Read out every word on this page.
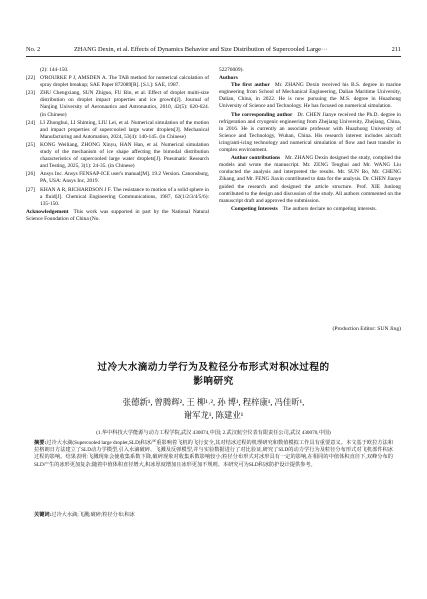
No. 2	ZHANG Dexin, et al. Effects of Dynamics Behavior and Size Distribution of Supercooled Large···	211
(2): 144-150.
[22] O'ROURKE P J, AMSDEN A. The TAB method for numerical calculation of spray droplet breakup; SAE Paper 872089[R]. [S.l.]: SAE, 1987.
[23] ZHU Chengxiang, SUN Zhiguo, FU Bin, et al. Effect of droplet multi-size distribution on droplet impact properties and ice growth[J]. Journal of Nanjing University of Aeronautics and Astronautics, 2010, 42(5): 620-624. (in Chinese)
[24] LI Zhonghui, LI Shiming, LIU Lei, et al. Numerical simulation of the motion and impact properties of supercooled large water droplets[J]. Mechanical Manufacturing and Automation, 2024, 53(4): 140-145. (in Chinese)
[25] KONG Weiliang, ZHONG Xinyu, HAN Han, et al. Numerical simulation study of the mechanism of ice shape affecting the bimodal distribution characteristics of supercooled large water droplets[J]. Pneumatic Research and Testing, 2025, 3(1): 24-35. (in Chinese)
[26] Ansys Inc. Ansys FENSAP-ICE user's manual[M]. 19.2 Version. Canonsburg, PA, USA: Ansys Inc, 2019.
[27] KHAN A R, RICHARDSON J F. The resistance to motion of a solid sphere in a fluid[J]. Chemical Engineering Communications, 1987, 62(1/2/3/4/5/6): 135-150.
Acknowledgement This work was supported in part by the National Natural Science Foundation of China (No.
52276009).
Authors
The first author Mr. ZHANG Dexin received his B.S. degree in marine engineering from School of Mechanical Engineering, Dalian Maritime University, Dalian, China, in 2022. He is now pursuing the M.S. degree in Huazhong University of Science and Technology. He has focused on numerical simulation.
The corresponding author Dr. CHEN Jianye received the Ph.D. degree in refrigeration and cryogenic engineering from Zhejiang University, Zhejiang, China, in 2016. He is currently an associate professor with Huazhong University of Science and Technology, Wuhan, China. His research interest includes aircraft icing/anti-icing technology and numerical simulation of flow and heat transfer in complex environment.
Author contributions Mr. ZHANG Dexin designed the study, complied the models and wrote the manuscript. Mr. ZENG Tenghui and Mr. WANG Liu conducted the analysis and interpreted the results. Mr. SUN Bo, Mr. CHENG Zikang, and Mr. FENG Jiaxin contributed to data for the analysis. Dr. CHEN Jianye guided the research and designed the article structure. Prof. XIE Junlong contributed to the design and discussion of the study. All authors commented on the manuscript draft and approved the submission.
Competing Interests The authors declare no competing interests.
(Production Editor: SUN Jing)
过冷大水滴动力学行为及粒径分布形式对积冰过程的
影响研究
张德新¹, 曾腾辉², 王 柳¹˒², 孙 博¹, 程梓康¹, 冯佳昕¹,
谢军龙¹, 陈建业¹
(1.华中科技大学能源与动力工程学院,武汉 430074,中国; 2.武汉航空仪表有限责任公司,武汉 430070,中国)
摘要:过冷大水滴(Supercooled large droplet,SLD)积冰严重影响着飞机的飞行安全,其对结冰过程的机理研究和数值模拟工作具有重要意义。本文基于欧拉方法和拉格朗日方法建立了SLD动力学模型,引入水滴破碎、飞溅及反弹模型,并与实验数据进行了对比验证,研究了SLD的动力学行为及粒径分布形式对飞机部件积冰过程的影响。结果表明:飞溅现象会使收集系数下降,破碎现象对收集系数影响较小;粒径分布形式对冰形具有一定的影响,在相同的中值体积直径下,双峰分布的SLD产生的冰形更加复杂;随着中值体积直径增大,积冰厚度增加且冰形更加不规则。本研究可为SLD积冰防护设计提供参考。
关键词:过冷大水滴;飞溅;破碎;粒径分布;积冰
